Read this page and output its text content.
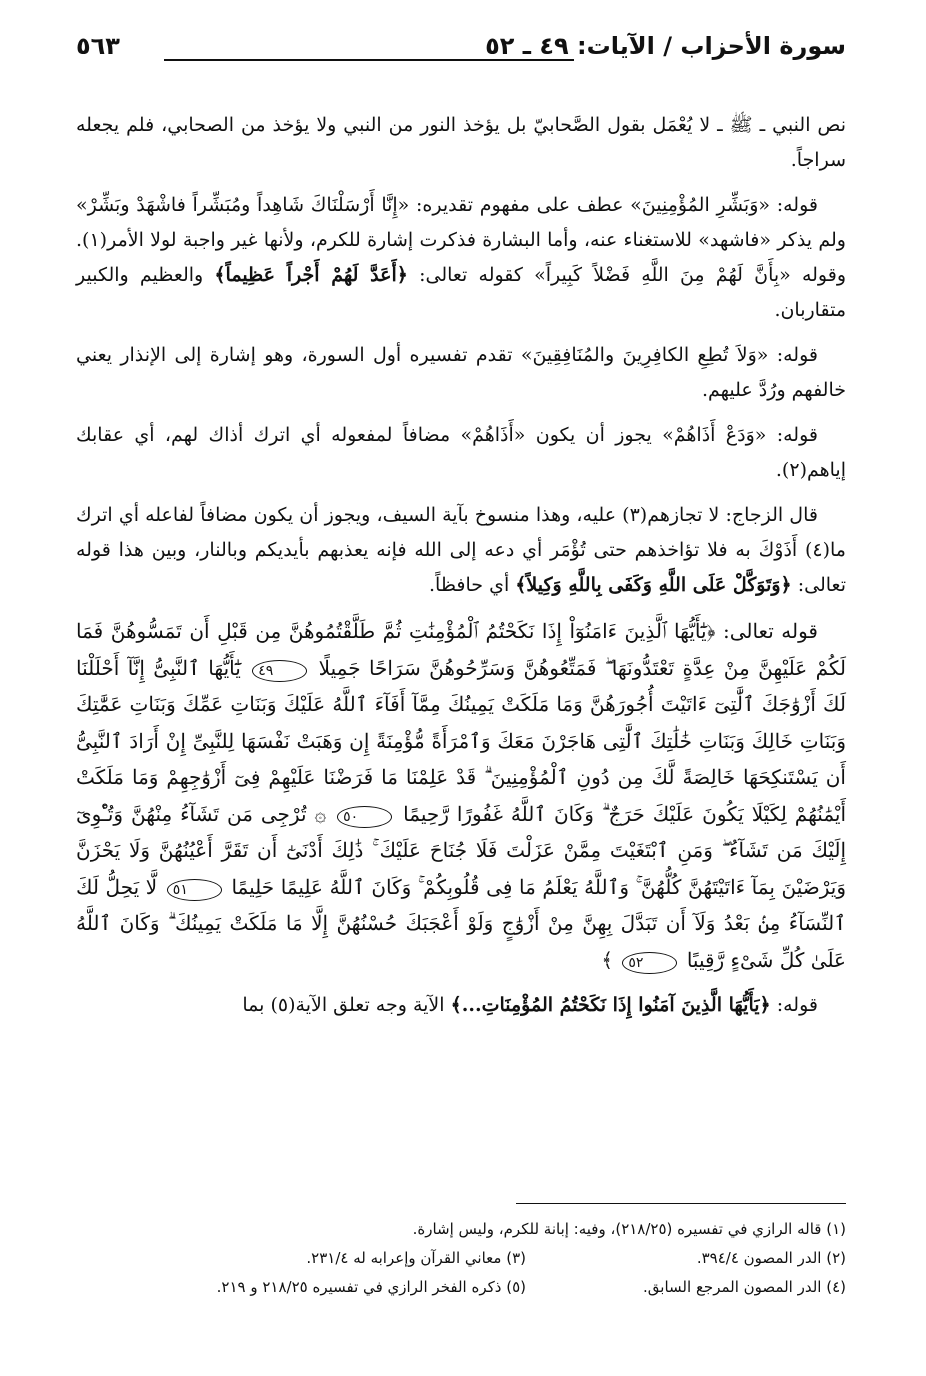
سورة الأحزاب / الآيات: ٤٩ ـ ٥٢
٥٦٣

نص النبي ـ ﷺ ـ لا يُعْمَل بقول الصَّحابيّ بل يؤخذ النور من النبي ولا يؤخذ من الصحابي، فلم يجعله سراجاً.

قوله: «وَبَشِّرِ المُؤْمِنِينَ» عطف على مفهوم تقديره: «إِنَّا أَرْسَلْنَاكَ شَاهِداً ومُبَشِّراً فاشْهَدْ وبَشِّرْ» ولم يذكر «فاشهد» للاستغناء عنه، وأما البشارة فذكرت إشارة للكرم، ولأنها غير واجبة لولا الأمر(١). وقوله «بِأَنَّ لَهُمْ مِنَ اللَّهِ فَضْلاً كَبِيراً» كقوله تعالى: ﴿أَعَدَّ لَهُمْ أَجْراً عَظِيماً﴾ والعظيم والكبير متقاربان.

قوله: «وَلاَ تُطِعِ الكافِرِينَ والمُنَافِقِينَ» تقدم تفسيره أول السورة، وهو إشارة إلى الإنذار يعني خالفهم ورُدَّ عليهم.

قوله: «وَدَعْ أَذَاهُمْ» يجوز أن يكون «أَذَاهُمْ» مضافاً لمفعوله أي اترك أذاك لهم، أي عقابك إياهم(٢).

قال الزجاج: لا تجازهم(٣) عليه، وهذا منسوخ بآية السيف، ويجوز أن يكون مضافاً لفاعله أي اترك ما(٤) أَذَوْكَ به فلا تؤاخذهم حتى تُؤْمَر أي دعه إلى الله فإنه يعذبهم بأيديكم وبالنار، وبين هذا قوله تعالى: ﴿وَتَوَكَّلْ عَلَى اللَّهِ وَكَفَى بِاللَّهِ وَكِيلاً﴾ أي حافظاً.

قوله تعالى: ﴿يَٰٓأَيُّهَا ٱلَّذِينَ ءَامَنُوٓاْ إِذَا نَكَحْتُمُ ٱلْمُؤْمِنَٰتِ ثُمَّ طَلَّقْتُمُوهُنَّ مِن قَبْلِ أَن تَمَسُّوهُنَّ فَمَا لَكُمْ عَلَيْهِنَّ مِنْ عِدَّةٍ تَعْتَدُّونَهَا ۖ فَمَتِّعُوهُنَّ وَسَرِّحُوهُنَّ سَرَاحًا جَمِيلًا ٤٩ يَٰٓأَيُّهَا ٱلنَّبِىُّ إِنَّآ أَحْلَلْنَا لَكَ أَزْوَٰجَكَ ٱلَّٰتِىٓ ءَاتَيْتَ أُجُورَهُنَّ وَمَا مَلَكَتْ يَمِينُكَ مِمَّآ أَفَآءَ ٱللَّهُ عَلَيْكَ وَبَنَاتِ عَمِّكَ وَبَنَاتِ عَمَّٰتِكَ وَبَنَاتِ خَالِكَ وَبَنَاتِ خَٰلَٰتِكَ ٱلَّٰتِى هَاجَرْنَ مَعَكَ وَٱمْرَأَةً مُّؤْمِنَةً إِن وَهَبَتْ نَفْسَهَا لِلنَّبِىِّ إِنْ أَرَادَ ٱلنَّبِىُّ أَن يَسْتَنكِحَهَا خَالِصَةً لَّكَ مِن دُونِ ٱلْمُؤْمِنِينَ ۗ قَدْ عَلِمْنَا مَا فَرَضْنَا عَلَيْهِمْ فِىٓ أَزْوَٰجِهِمْ وَمَا مَلَكَتْ أَيْمَٰنُهُمْ لِكَيْلَا يَكُونَ عَلَيْكَ حَرَجٌ ۗ وَكَانَ ٱللَّهُ غَفُورًا رَّحِيمًا ٥٠ ۞ تُرْجِى مَن تَشَآءُ مِنْهُنَّ وَتُـْٔوِىٓ إِلَيْكَ مَن تَشَآءُ ۖ وَمَنِ ٱبْتَغَيْتَ مِمَّنْ عَزَلْتَ فَلَا جُنَاحَ عَلَيْكَ ۚ ذَٰلِكَ أَدْنَىٰٓ أَن تَقَرَّ أَعْيُنُهُنَّ وَلَا يَحْزَنَّ وَيَرْضَيْنَ بِمَآ ءَاتَيْتَهُنَّ كُلُّهُنَّ ۚ وَٱللَّهُ يَعْلَمُ مَا فِى قُلُوبِكُمْ ۚ وَكَانَ ٱللَّهُ عَلِيمًا حَلِيمًا ٥١ لَّا يَحِلُّ لَكَ ٱلنِّسَآءُ مِنۢ بَعْدُ وَلَآ أَن تَبَدَّلَ بِهِنَّ مِنْ أَزْوَٰجٍ وَلَوْ أَعْجَبَكَ حُسْنُهُنَّ إِلَّا مَا مَلَكَتْ يَمِينُكَ ۗ وَكَانَ ٱللَّهُ عَلَىٰ كُلِّ شَىْءٍ رَّقِيبًا ٥٢ ﴾

قوله: ﴿يَأَيُّهَا الَّذِينَ آمَنُوا إِذَا نَكَحْتُمُ المُؤْمِنَاتِ...﴾ الآية وجه تعلق الآية(٥) بما

(١) قاله الرازي في تفسيره (٢١٨/٢٥)، وفيه: إبانة للكرم، وليس إشارة.
(٢) الدر المصون ٣٩٤/٤.
(٣) معاني القرآن وإعرابه له ٢٣١/٤.
(٤) الدر المصون المرجع السابق.
(٥) ذكره الفخر الرازي في تفسيره ٢١٨/٢٥ و ٢١٩.
